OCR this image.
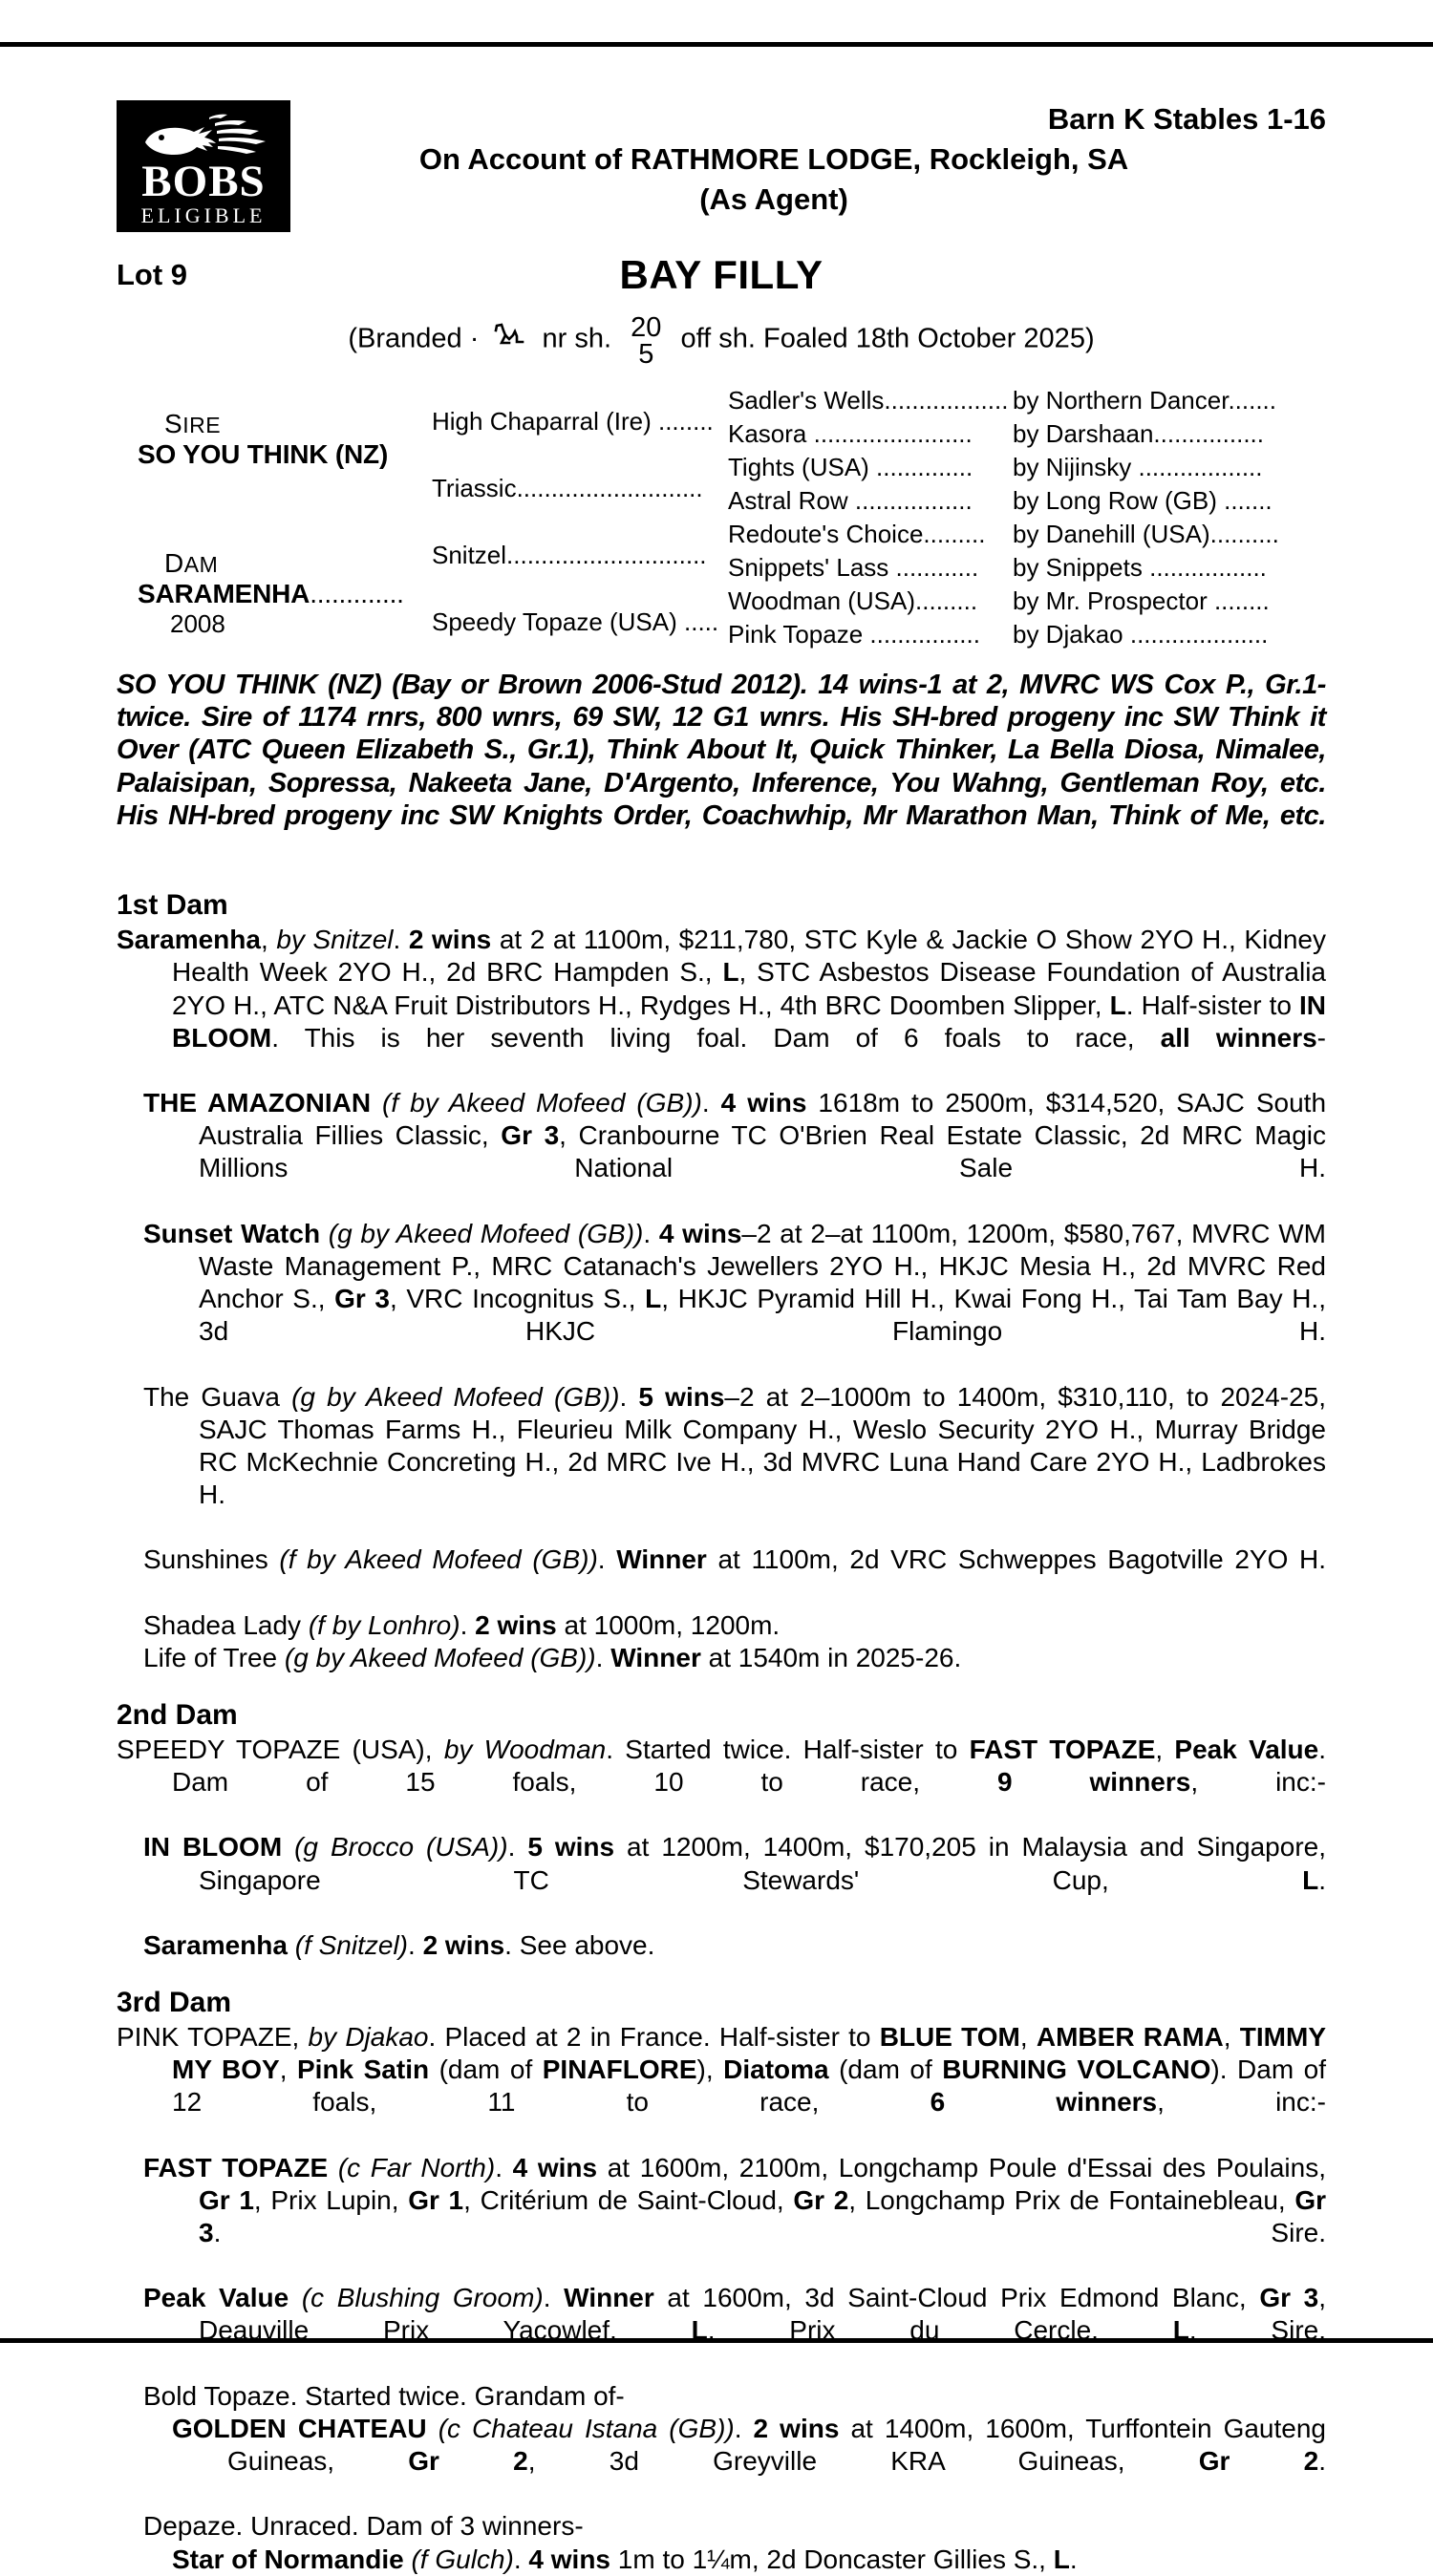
BOBS
ELIGIBLE
Barn K Stables 1-16
On Account of RATHMORE LODGE, Rockleigh, SA
(As Agent)
Lot 9	BAY FILLY
(Branded · nr sh. 20
5
off sh. Foaled 18th October 2025)
SIRE
SO YOU THINK (NZ)
DAM
SARAMENHA.............
2008
High Chaparral (Ire) ........
Triassic...........................
Snitzel.............................
Speedy Topaze (USA) .....
Sadler's Wells..................
Kasora .......................
Tights (USA) ..............
Astral Row .................
Redoute's Choice.........
Snippets' Lass ............
Woodman (USA).........
Pink Topaze ................
by Northern Dancer.......
by Darshaan................
by Nijinsky ..................
by Long Row (GB) .......
by Danehill (USA)..........
by Snippets .................
by Mr. Prospector ........
by Djakao ....................
SO YOU THINK (NZ) (Bay or Brown 2006-Stud 2012). 14 wins-1 at 2, MVRC WS Cox P., Gr.1-twice. Sire of 1174 rnrs, 800 wnrs, 69 SW, 12 G1 wnrs. His SH-bred progeny inc SW Think it Over (ATC Queen Elizabeth S., Gr.1), Think About It, Quick Thinker, La Bella Diosa, Nimalee, Palaisipan, Sopressa, Nakeeta Jane, D'Argento, Inference, You Wahng, Gentleman Roy, etc. His NH-bred progeny inc SW Knights Order, Coachwhip, Mr Marathon Man, Think of Me, etc.
1st Dam
Saramenha, by Snitzel. 2 wins at 2 at 1100m, $211,780, STC Kyle & Jackie O Show 2YO H., Kidney Health Week 2YO H., 2d BRC Hampden S., L, STC Asbestos Disease Foundation of Australia 2YO H., ATC N&A Fruit Distributors H., Rydges H., 4th BRC Doomben Slipper, L. Half-sister to IN BLOOM. This is her seventh living foal. Dam of 6 foals to race, all winners-
THE AMAZONIAN (f by Akeed Mofeed (GB)). 4 wins 1618m to 2500m, $314,520, SAJC South Australia Fillies Classic, Gr 3, Cranbourne TC O'Brien Real Estate Classic, 2d MRC Magic Millions National Sale H.
Sunset Watch (g by Akeed Mofeed (GB)). 4 wins–2 at 2–at 1100m, 1200m, $580,767, MVRC WM Waste Management P., MRC Catanach's Jewellers 2YO H., HKJC Mesia H., 2d MVRC Red Anchor S., Gr 3, VRC Incognitus S., L, HKJC Pyramid Hill H., Kwai Fong H., Tai Tam Bay H., 3d HKJC Flamingo H.
The Guava (g by Akeed Mofeed (GB)). 5 wins–2 at 2–1000m to 1400m, $310,110, to 2024-25, SAJC Thomas Farms H., Fleurieu Milk Company H., Weslo Security 2YO H., Murray Bridge RC McKechnie Concreting H., 2d MRC Ive H., 3d MVRC Luna Hand Care 2YO H., Ladbrokes H.
Sunshines (f by Akeed Mofeed (GB)). Winner at 1100m, 2d VRC Schweppes Bagotville 2YO H.
Shadea Lady (f by Lonhro). 2 wins at 1000m, 1200m.
Life of Tree (g by Akeed Mofeed (GB)). Winner at 1540m in 2025-26.
2nd Dam
SPEEDY TOPAZE (USA), by Woodman. Started twice. Half-sister to FAST TOPAZE, Peak Value. Dam of 15 foals, 10 to race, 9 winners, inc:-
IN BLOOM (g Brocco (USA)). 5 wins at 1200m, 1400m, $170,205 in Malaysia and Singapore, Singapore TC Stewards' Cup, L.
Saramenha (f Snitzel). 2 wins. See above.
3rd Dam
PINK TOPAZE, by Djakao. Placed at 2 in France. Half-sister to BLUE TOM, AMBER RAMA, TIMMY MY BOY, Pink Satin (dam of PINAFLORE), Diatoma (dam of BURNING VOLCANO). Dam of 12 foals, 11 to race, 6 winners, inc:-
FAST TOPAZE (c Far North). 4 wins at 1600m, 2100m, Longchamp Poule d'Essai des Poulains, Gr 1, Prix Lupin, Gr 1, Critérium de Saint-Cloud, Gr 2, Longchamp Prix de Fontainebleau, Gr 3. Sire.
Peak Value (c Blushing Groom). Winner at 1600m, 3d Saint-Cloud Prix Edmond Blanc, Gr 3, Deauville Prix Yacowlef, L, Prix du Cercle, L. Sire.
Bold Topaze. Started twice. Grandam of-
GOLDEN CHATEAU (c Chateau Istana (GB)). 2 wins at 1400m, 1600m, Turffontein Gauteng Guineas, Gr 2, 3d Greyville KRA Guineas, Gr 2.
Depaze. Unraced. Dam of 3 winners-
Star of Normandie (f Gulch). 4 wins 1m to 1¼m, 2d Doncaster Gillies S., L.
